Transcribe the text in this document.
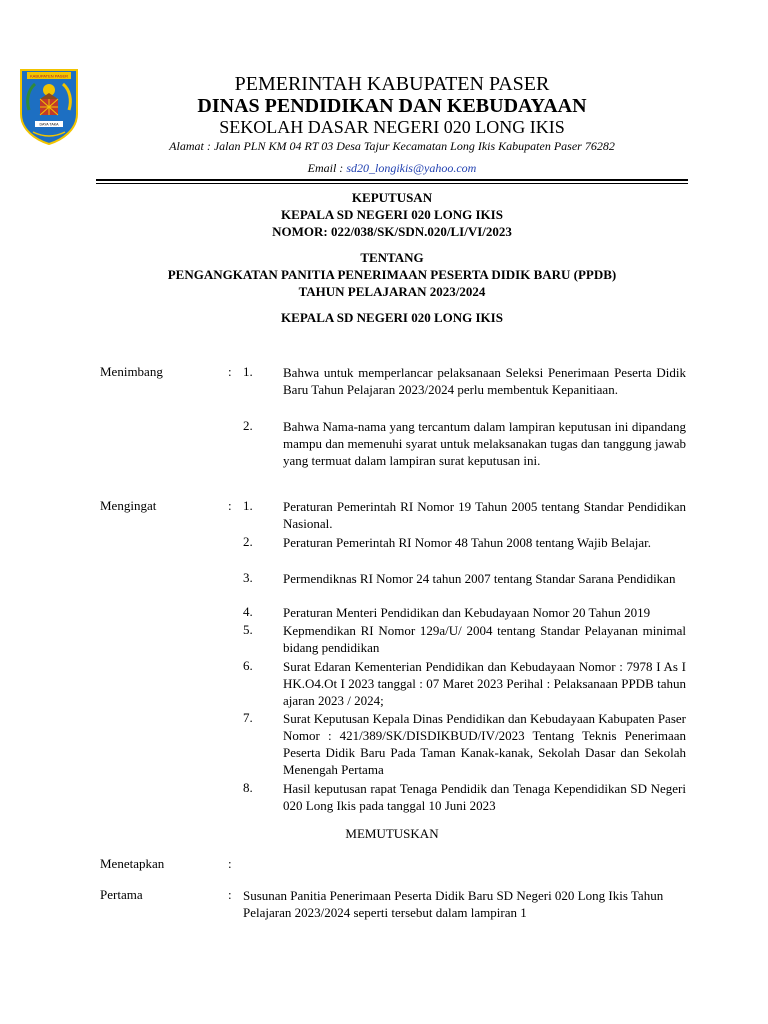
KABUPATEN PASER
DAYA TAKA
PEMERINTAH KABUPATEN PASER
DINAS PENDIDIKAN DAN KEBUDAYAAN
SEKOLAH DASAR NEGERI 020 LONG IKIS
Alamat : Jalan PLN KM 04 RT 03 Desa Tajur Kecamatan Long Ikis Kabupaten Paser 76282
Email : sd20_longikis@yahoo.com
KEPUTUSAN
KEPALA SD NEGERI 020 LONG IKIS
NOMOR: 022/038/SK/SDN.020/LI/VI/2023
TENTANG
PENGANGKATAN PANITIA PENERIMAAN PESERTA DIDIK BARU (PPDB)
TAHUN PELAJARAN 2023/2024
KEPALA SD NEGERI 020 LONG IKIS
Menimbang	: 1.	Bahwa untuk memperlancar pelaksanaan Seleksi Penerimaan Peserta Didik Baru Tahun Pelajaran 2023/2024 perlu membentuk Kepanitiaan.
2.	Bahwa Nama-nama yang tercantum dalam lampiran keputusan ini dipandang mampu dan memenuhi syarat untuk melaksanakan tugas dan tanggung jawab yang termuat dalam lampiran surat keputusan ini.
Mengingat	: 1.	Peraturan Pemerintah RI Nomor 19 Tahun 2005 tentang Standar Pendidikan Nasional.
2.	Peraturan Pemerintah RI Nomor 48 Tahun 2008 tentang Wajib Belajar.
3.	Permendiknas RI Nomor 24 tahun 2007 tentang Standar Sarana Pendidikan
4.	Peraturan Menteri Pendidikan dan Kebudayaan Nomor 20 Tahun 2019
5.	Kepmendikan RI Nomor 129a/U/ 2004 tentang Standar Pelayanan minimal bidang pendidikan
6.	Surat Edaran Kementerian Pendidikan dan Kebudayaan Nomor : 7978 I As I HK.O4.Ot I 2023 tanggal : 07 Maret 2023 Perihal : Pelaksanaan PPDB tahun ajaran 2023 / 2024;
7.	Surat Keputusan Kepala Dinas Pendidikan dan Kebudayaan Kabupaten Paser Nomor : 421/389/SK/DISDIKBUD/IV/2023 Tentang Teknis Penerimaan Peserta Didik Baru Pada Taman Kanak-kanak, Sekolah Dasar dan Sekolah Menengah Pertama
8.	Hasil keputusan rapat Tenaga Pendidik dan Tenaga Kependidikan SD Negeri 020 Long Ikis pada tanggal 10 Juni 2023
MEMUTUSKAN
Menetapkan	:
Pertama	: Susunan Panitia Penerimaan Peserta Didik Baru SD Negeri 020 Long Ikis Tahun Pelajaran 2023/2024 seperti tersebut dalam lampiran 1
